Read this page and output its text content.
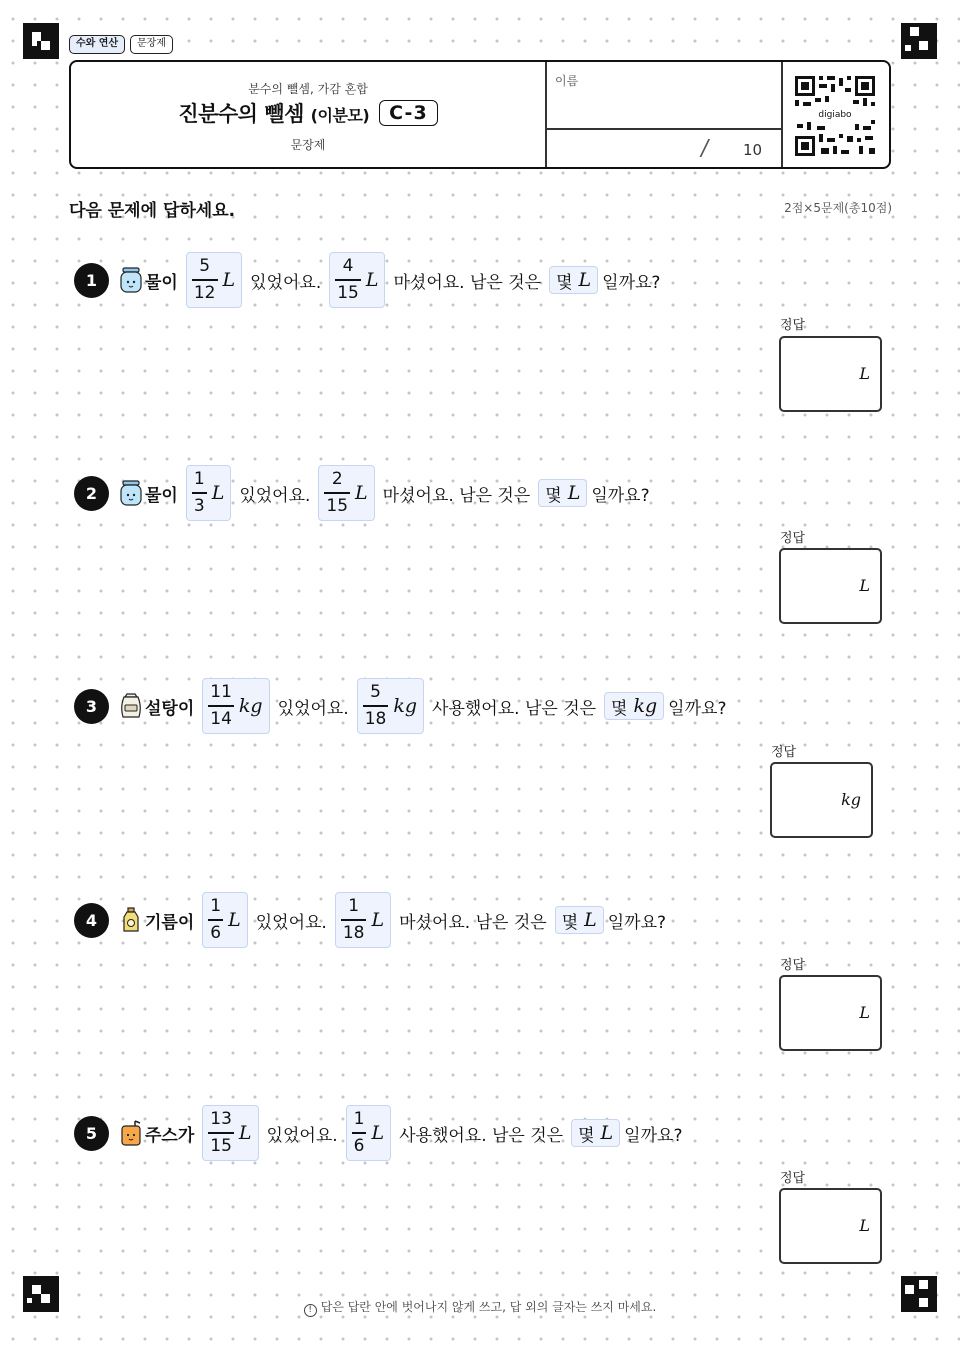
수와 연산	문장제
분수의 뺄셈, 가감 혼합
진분수의 뺄셈 (이분모)	C-3
문장제
이름
/ 10
digiabo
다음 문제에 답하세요.	2점×5문제(총10점)
1	물이 $\frac{5}{12}$ L 있었어요. $\frac{4}{15}$ L 마셨어요. 남은 것은 몇 L 일까요?
정답
L
2	물이 $\frac{1}{3}$ L 있었어요. $\frac{2}{15}$ L 마셨어요. 남은 것은 몇 L 일까요?
정답
L
3	설탕이 $\frac{11}{14}$ kg 있었어요. $\frac{5}{18}$ kg 사용했어요. 남은 것은 몇 kg 일까요?
정답
kg
4	기름이 $\frac{1}{6}$ L 있었어요. $\frac{1}{18}$ L 마셨어요. 남은 것은 몇 L 일까요?
정답
L
5	주스가 $\frac{13}{15}$ L 있었어요. $\frac{1}{6}$ L 사용했어요. 남은 것은 몇 L 일까요?
정답
L
! 답은 답란 안에 벗어나지 않게 쓰고, 답 외의 글자는 쓰지 마세요.
